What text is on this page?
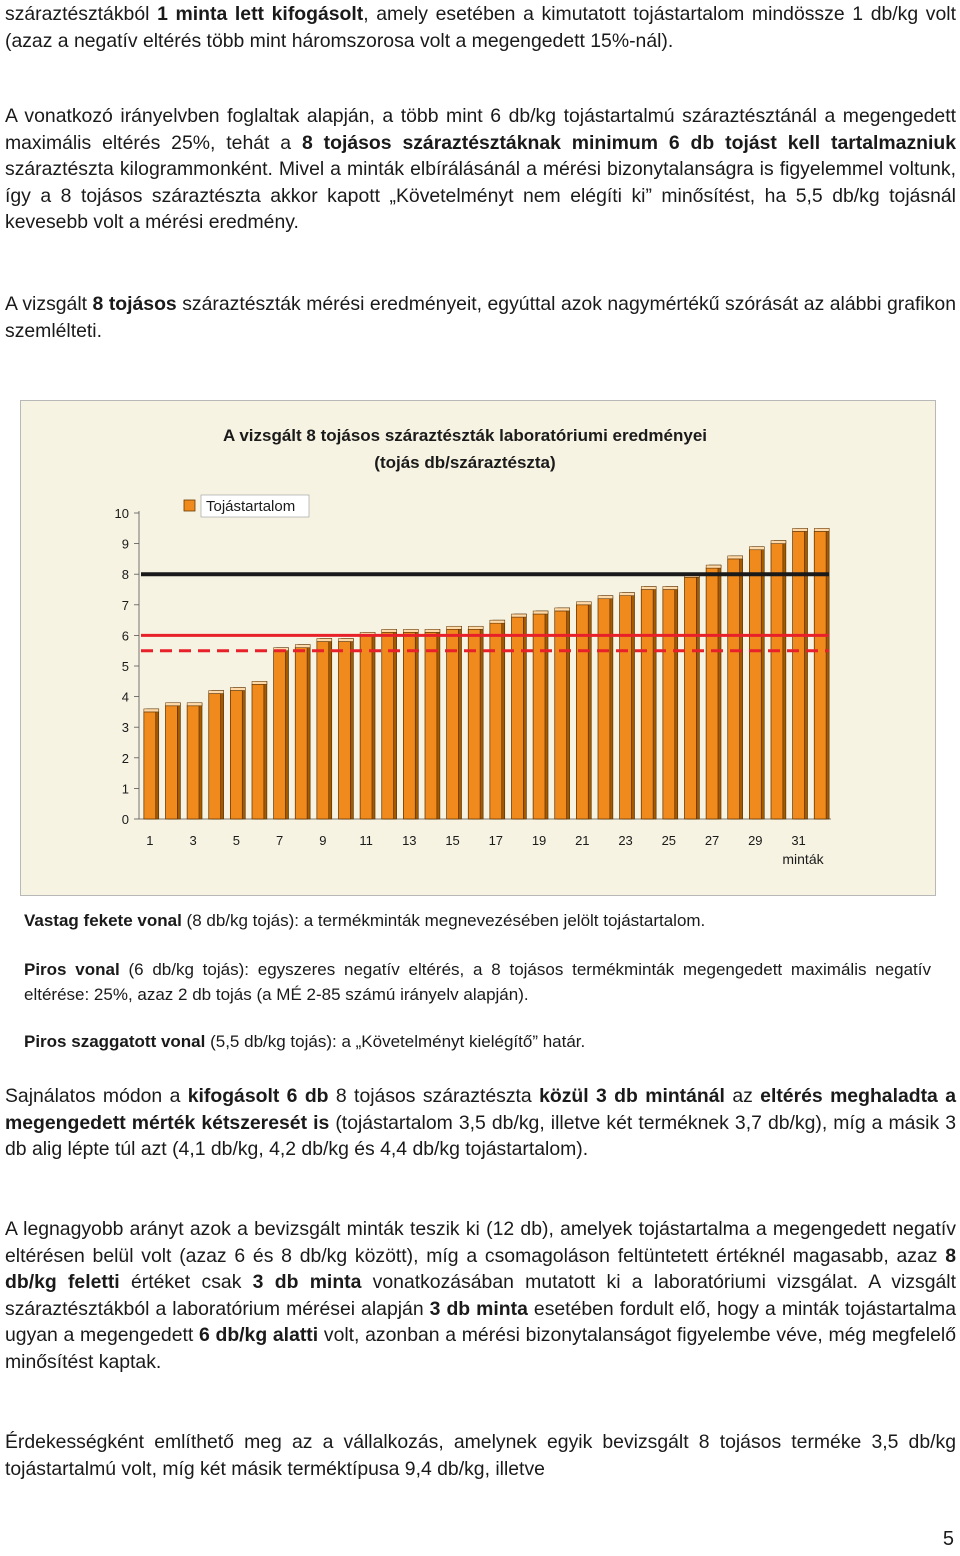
száraztésztákból 1 minta lett kifogásolt, amely esetében a kimutatott tojástartalom mindössze 1 db/kg volt (azaz a negatív eltérés több mint háromszorosa volt a megengedett 15%-nál).

A vonatkozó irányelvben foglaltak alapján, a több mint 6 db/kg tojástartalmú száraztésztánál a megengedett maximális eltérés 25%, tehát a 8 tojásos száraztésztáknak minimum 6 db tojást kell tartalmazniuk száraztészta kilogrammonként. Mivel a minták elbírálásánál a mérési bizonytalanságra is figyelemmel voltunk, így a 8 tojásos száraztészta akkor kapott „Követelményt nem elégíti ki” minősítést, ha 5,5 db/kg tojásnál kevesebb volt a mérési eredmény.

A vizsgált 8 tojásos száraztészták mérési eredményeit, egyúttal azok nagymértékű szórását az alábbi grafikon szemlélteti.

A vizsgált 8 tojásos száraztészták laboratóriumi eredményei
(tojás db/száraztészta)
0
1
2
3
4
5
6
7
8
9
10
1	3	5	7	9	11 13 15 17 19 21 23 25 27 29 31
Tojástartalom
minták

Vastag fekete vonal (8 db/kg tojás): a termékminták megnevezésében jelölt tojástartalom.

Piros vonal (6 db/kg tojás): egyszeres negatív eltérés, a 8 tojásos termékminták megengedett maximális negatív eltérése: 25%, azaz 2 db tojás (a MÉ 2-85 számú irányelv alapján).

Piros szaggatott vonal (5,5 db/kg tojás): a „Követelményt kielégítő” határ.

Sajnálatos módon a kifogásolt 6 db 8 tojásos száraztészta közül 3 db mintánál az eltérés meghaladta a megengedett mérték kétszeresét is (tojástartalom 3,5 db/kg, illetve két terméknek 3,7 db/kg), míg a másik 3 db alig lépte túl azt (4,1 db/kg, 4,2 db/kg és 4,4 db/kg tojástartalom).

A legnagyobb arányt azok a bevizsgált minták teszik ki (12 db), amelyek tojástartalma a megengedett negatív eltérésen belül volt (azaz 6 és 8 db/kg között), míg a csomagoláson feltüntetett értéknél magasabb, azaz 8 db/kg feletti értéket csak 3 db minta vonatkozásában mutatott ki a laboratóriumi vizsgálat. A vizsgált száraztésztákból a laboratórium mérései alapján 3 db minta esetében fordult elő, hogy a minták tojástartalma ugyan a megengedett 6 db/kg alatti volt, azonban a mérési bizonytalanságot figyelembe véve, még megfelelő minősítést kaptak.

Érdekességként említhető meg az a vállalkozás, amelynek egyik bevizsgált 8 tojásos terméke 3,5 db/kg tojástartalmú volt, míg két másik terméktípusa 9,4 db/kg, illetve

5
